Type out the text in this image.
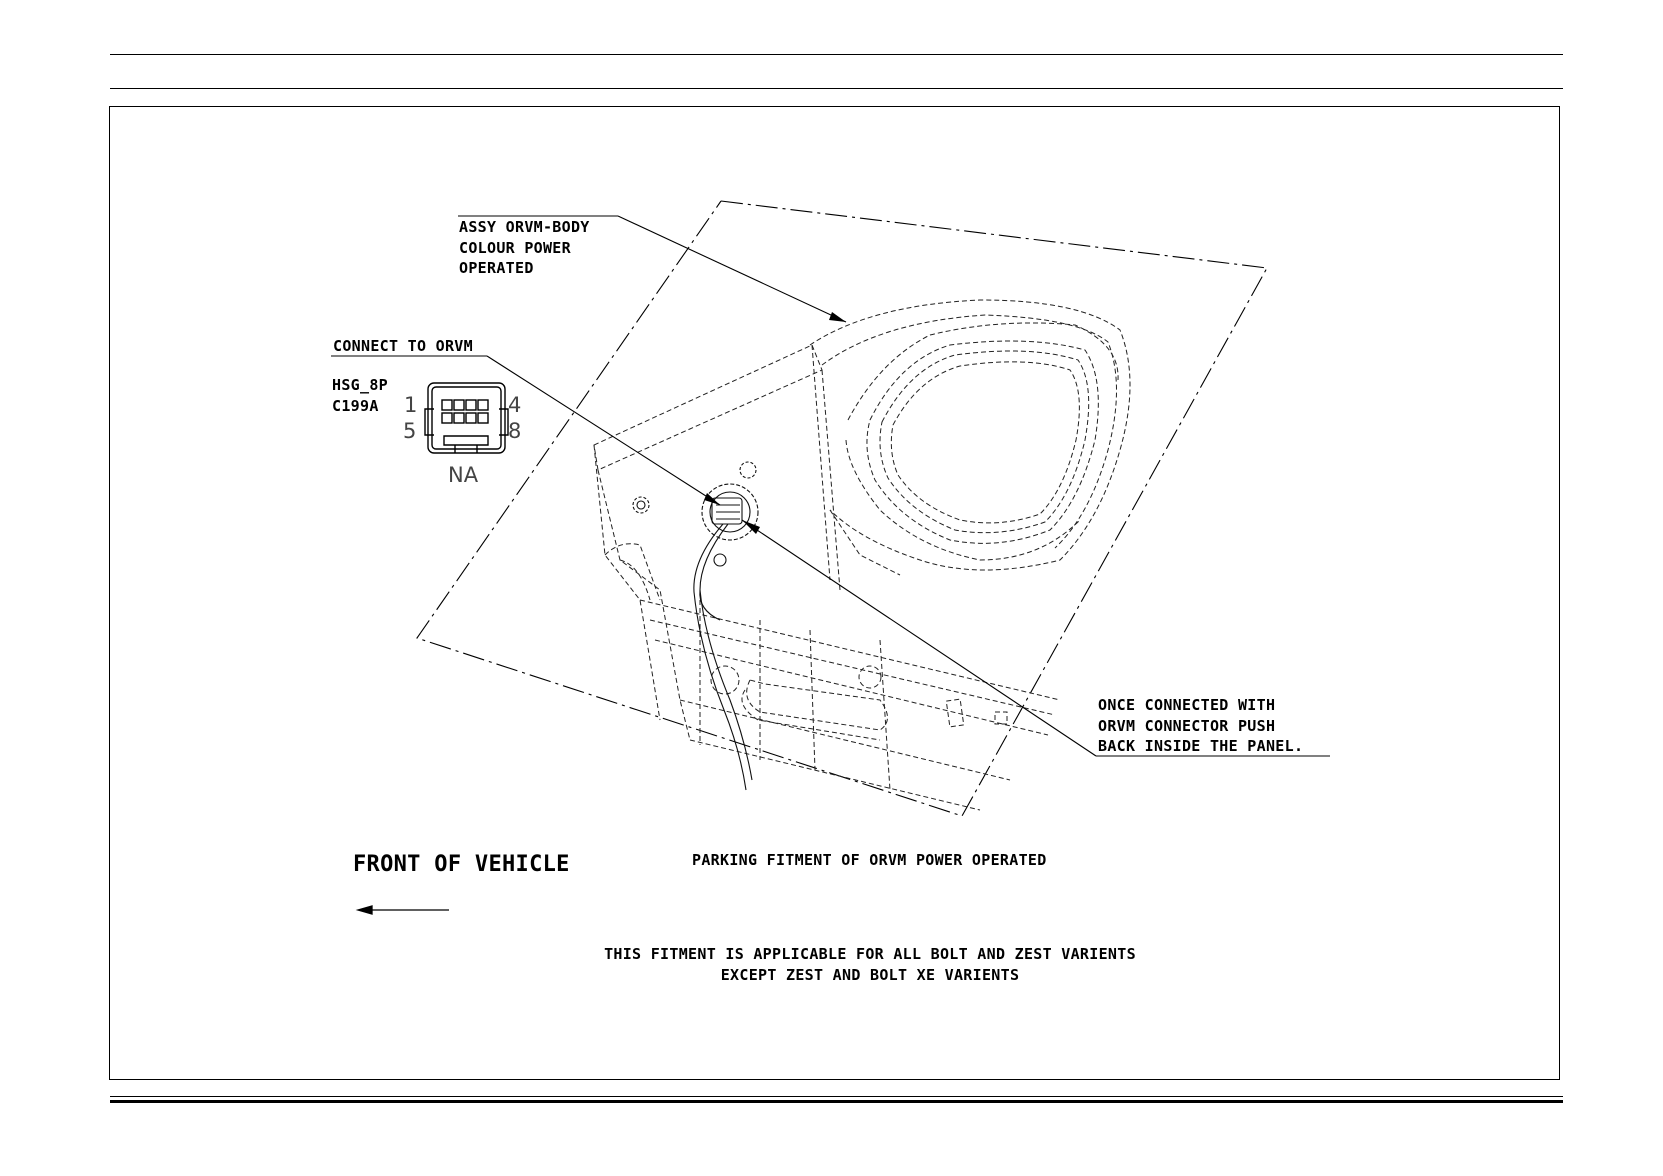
ASSY ORVM-BODY
COLOUR POWER
OPERATED
CONNECT TO ORVM
HSG_8P
C199A	1
5
4
8
NA
ONCE CONNECTED WITH
ORVM CONNECTOR PUSH
BACK INSIDE THE PANEL.
FRONT OF VEHICLE	PARKING FITMENT OF ORVM POWER OPERATED
THIS FITMENT IS APPLICABLE FOR ALL BOLT AND ZEST VARIENTS
EXCEPT ZEST AND BOLT XE VARIENTS
